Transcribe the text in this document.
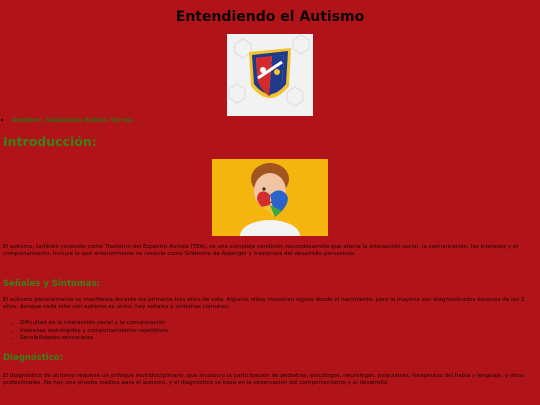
Entendiendo el Autismo
• Nombre: Sebastián Rubén Torres
Introducción:

El autismo, también conocido como Trastorno del Espectro Autista (TEA), es una compleja condición neurodesarrollo que afecta la interacción social, la comunicación, los intereses y el comportamiento. Incluye lo que anteriormente se conocía como Síndrome de Asperger y trastornos del desarrollo pervasivos.

Señales y Síntomas:

El autismo generalmente se manifiesta durante los primeros tres años de vida. Algunos niños muestran signos desde el nacimiento, pero la mayoría son diagnosticados después de los 2 años. Aunque cada niño con autismo es único, hay señales y síntomas comunes:

• Dificultad en la interacción social y la comunicación
• Intereses restringidos y comportamientos repetitivos
• Sensibilidades sensoriales
Diagnóstico:

El diagnóstico de autismo requiere un enfoque multidisciplinario, que involucra la participación de pediatras, psicólogos, neurólogos, psiquiatras, terapeutas del habla y lenguaje, y otros profesionales. No hay una prueba médica para el autismo, y el diagnóstico se basa en la observación del comportamiento y el desarrollo.
